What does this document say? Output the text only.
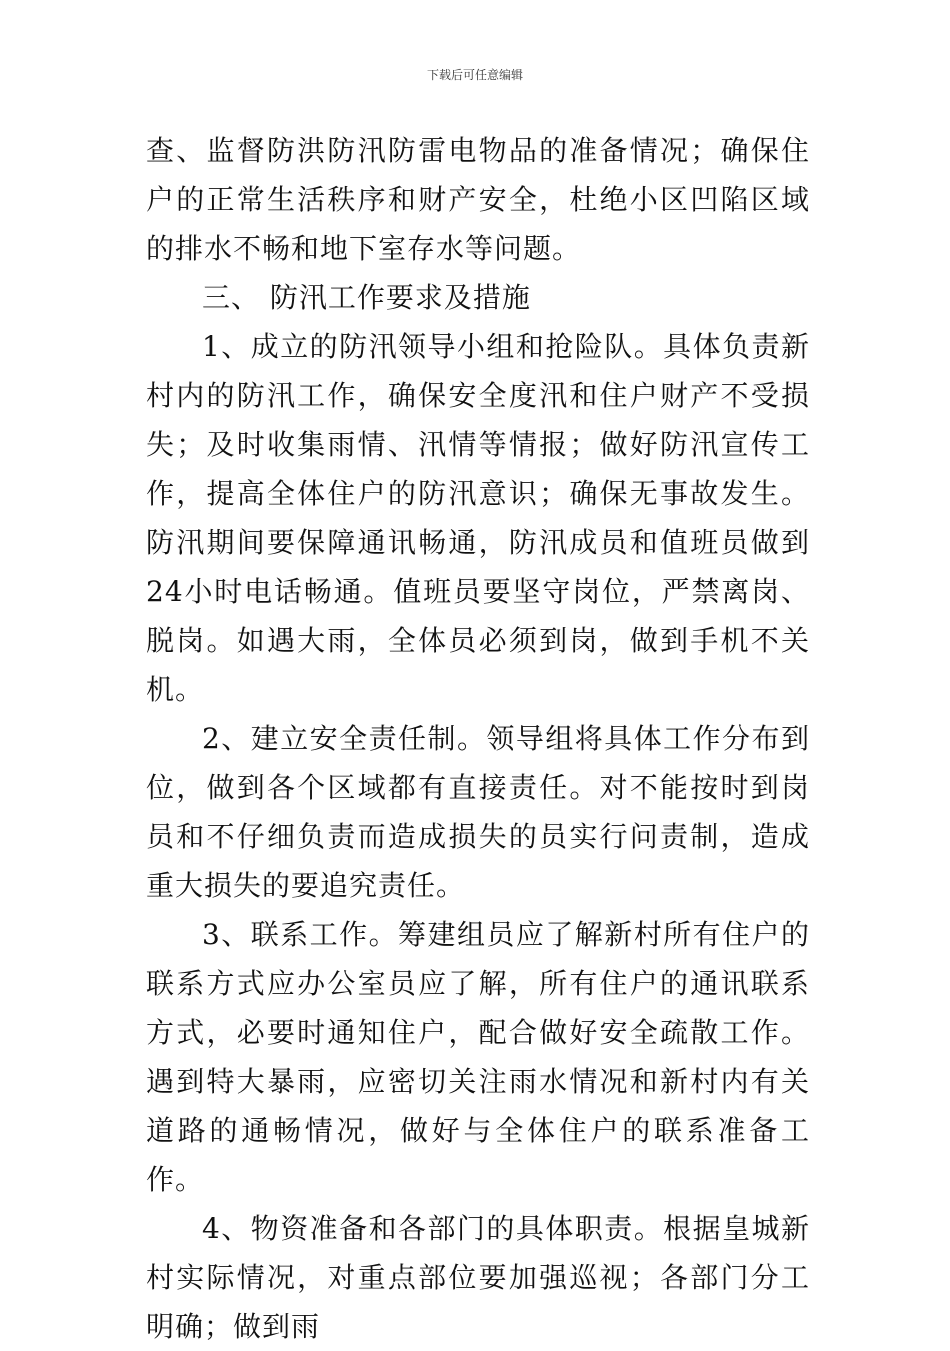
下载后可任意编辑

查、监督防洪防汛防雷电物品的准备情况；确保住户的正常生活秩序和财产安全，杜绝小区凹陷区域的排水不畅和地下室存水等问题。

三、 防汛工作要求及措施

1、成立的防汛领导小组和抢险队。具体负责新村内的防汛工作，确保安全度汛和住户财产不受损失；及时收集雨情、汛情等情报；做好防汛宣传工作，提高全体住户的防汛意识；确保无事故发生。防汛期间要保障通讯畅通，防汛成员和值班员做到24小时电话畅通。值班员要坚守岗位，严禁离岗、脱岗。如遇大雨，全体员必须到岗，做到手机不关机。

2、建立安全责任制。领导组将具体工作分布到位，做到各个区域都有直接责任。对不能按时到岗员和不仔细负责而造成损失的员实行问责制，造成重大损失的要追究责任。

3、联系工作。筹建组员应了解新村所有住户的联系方式应办公室员应了解，所有住户的通讯联系方式，必要时通知住户，配合做好安全疏散工作。遇到特大暴雨，应密切关注雨水情况和新村内有关道路的通畅情况，做好与全体住户的联系准备工作。

4、物资准备和各部门的具体职责。根据皇城新村实际情况，对重点部位要加强巡视；各部门分工明确；做到雨
